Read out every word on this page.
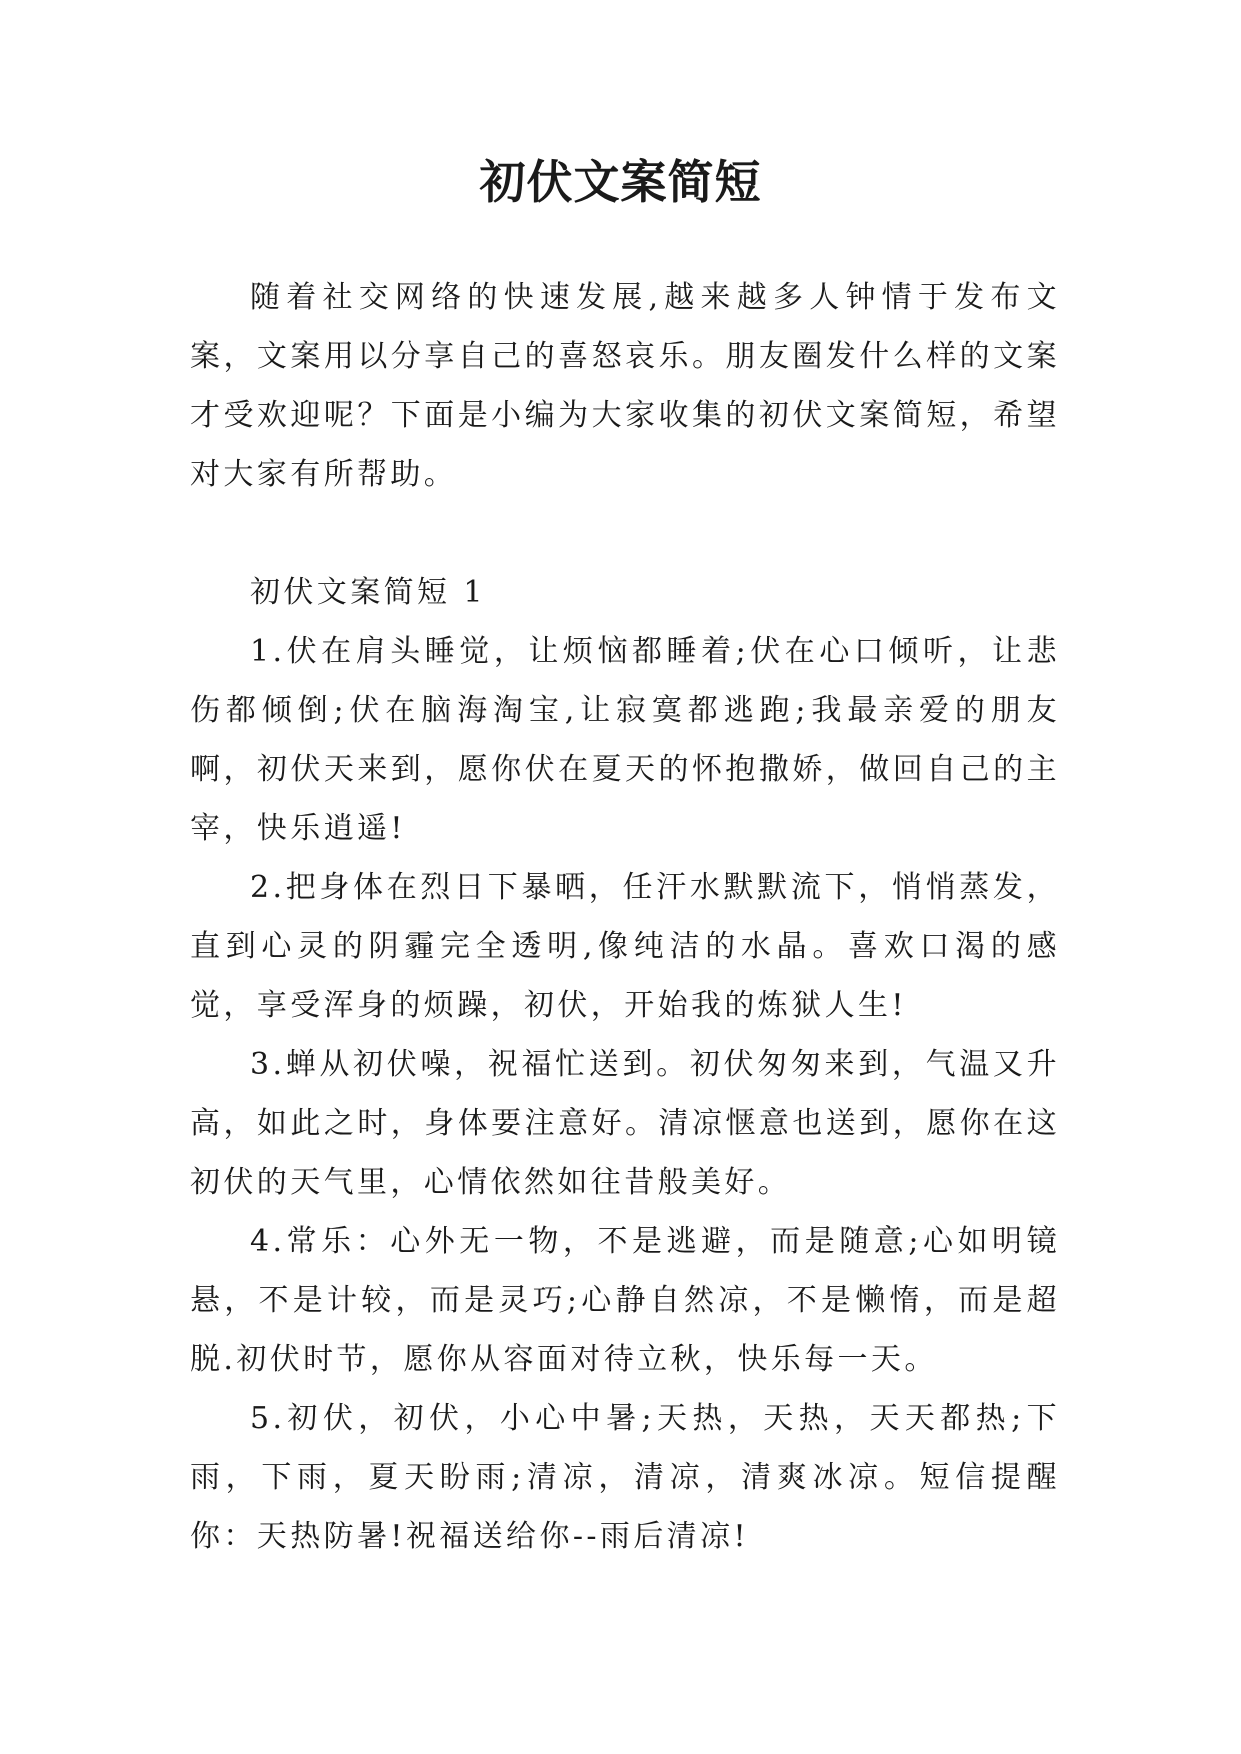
初伏文案简短

随着社交网络的快速发展,越来越多人钟情于发布文案，文案用以分享自己的喜怒哀乐。朋友圈发什么样的文案才受欢迎呢？下面是小编为大家收集的初伏文案简短，希望对大家有所帮助。

初伏文案简短 1

1.伏在肩头睡觉，让烦恼都睡着;伏在心口倾听，让悲伤都倾倒;伏在脑海淘宝,让寂寞都逃跑;我最亲爱的朋友啊，初伏天来到，愿你伏在夏天的怀抱撒娇，做回自己的主宰，快乐逍遥!

2.把身体在烈日下暴晒，任汗水默默流下，悄悄蒸发，直到心灵的阴霾完全透明,像纯洁的水晶。喜欢口渴的感觉，享受浑身的烦躁，初伏，开始我的炼狱人生!

3.蝉从初伏噪，祝福忙送到。初伏匆匆来到，气温又升高，如此之时，身体要注意好。清凉惬意也送到，愿你在这初伏的天气里，心情依然如往昔般美好。

4.常乐：心外无一物，不是逃避，而是随意;心如明镜悬，不是计较，而是灵巧;心静自然凉，不是懒惰，而是超脱.初伏时节，愿你从容面对待立秋，快乐每一天。

5.初伏，初伏，小心中暑;天热，天热，天天都热;下雨，下雨，夏天盼雨;清凉，清凉，清爽冰凉。短信提醒你：天热防暑!祝福送给你--雨后清凉!
